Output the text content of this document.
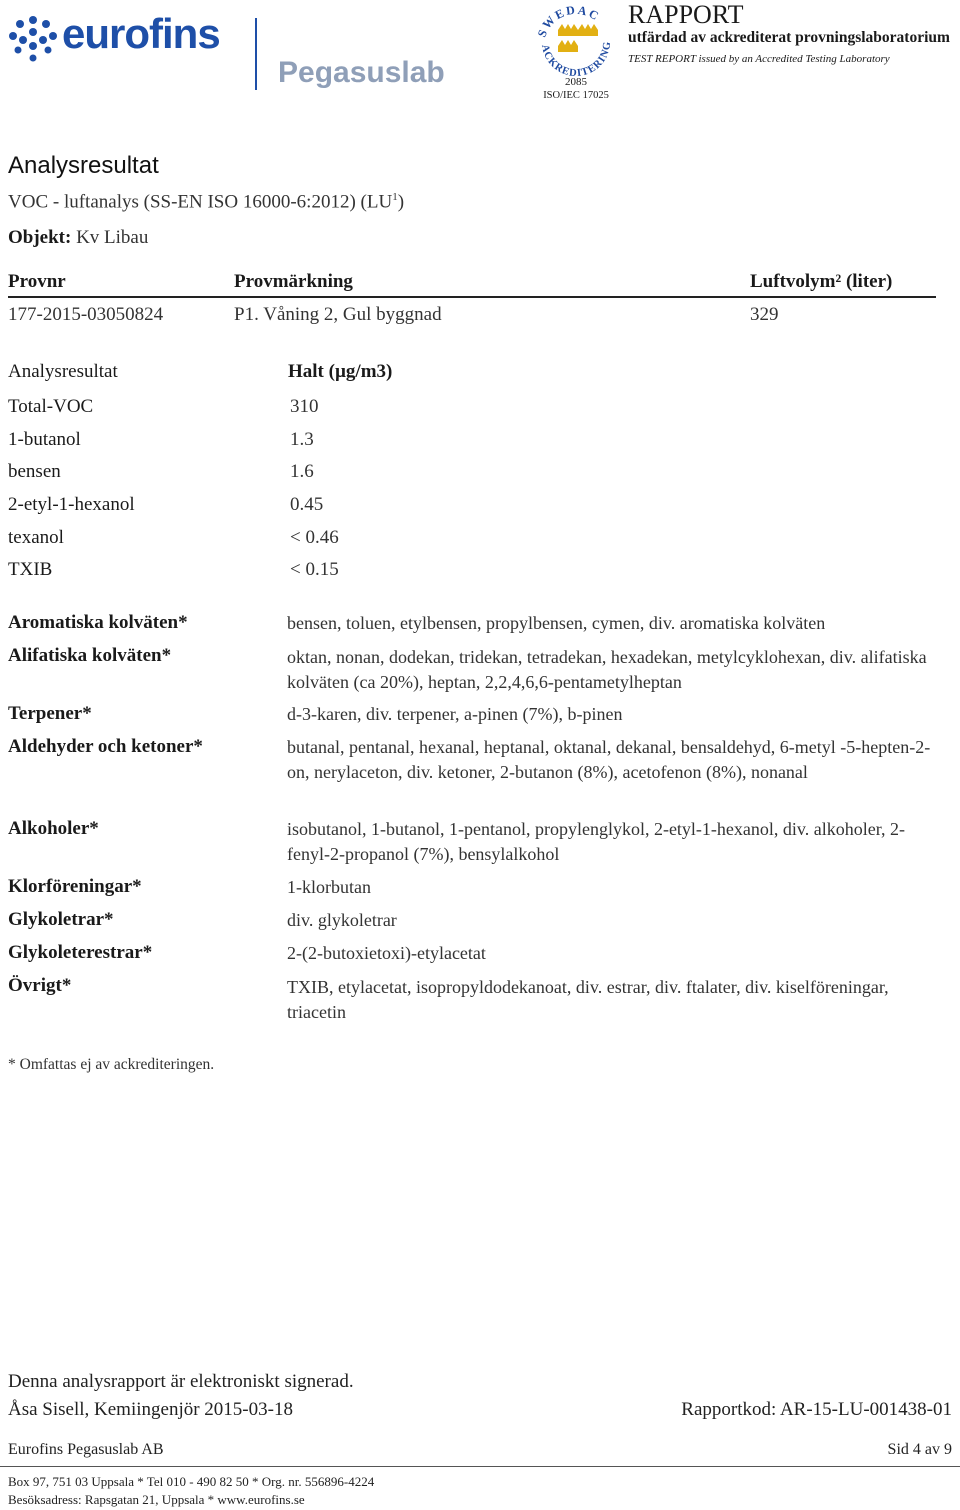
eurofins
Pegasuslab
SWEDAC
ACKREDITERING
2085
ISO/IEC 17025
RAPPORT
utfärdad av ackrediterat provningslaboratorium
TEST REPORT issued by an Accredited Testing Laboratory
Analysresultat
VOC - luftanalys (SS-EN ISO 16000-6:2012) $(LU^1)$
Objekt: Kv Libau
Provnr	Provmärkning	Luftvolym² (liter)
177-2015-03050824	P1. Våning 2, Gul byggnad	329
Analysresultat	Halt (µg/m3)
Total-VOC	310
1-butanol	1.3
bensen	1.6
2-etyl-1-hexanol	0.45
texanol	< 0.46
TXIB	< 0.15
Aromatiska kolväten*	bensen, toluen, etylbensen, propylbensen, cymen, div. aromatiska kolväten
Alifatiska kolväten*	oktan, nonan, dodekan, tridekan, tetradekan, hexadekan, metylcyklohexan, div. alifatiska kolväten (ca 20%), heptan, 2,2,4,6,6-pentametylheptan
Terpener*	d-3-karen, div. terpener, a-pinen (7%), b-pinen
Aldehyder och ketoner*	butanal, pentanal, hexanal, heptanal, oktanal, dekanal, bensaldehyd, 6-metyl -5-hepten-2-on, nerylaceton, div. ketoner, 2-butanon (8%), acetofenon (8%), nonanal
Alkoholer*	isobutanol, 1-butanol, 1-pentanol, propylenglykol, 2-etyl-1-hexanol, div. alkoholer, 2-fenyl-2-propanol (7%), bensylalkohol
Klorföreningar*	1-klorbutan
Glykoletrar*	div. glykoletrar
Glykoleterestrar*	2-(2-butoxietoxi)-etylacetat
Övrigt*	TXIB, etylacetat, isopropyldodekanoat, div. estrar, div. ftalater, div. kiselföreningar, triacetin
* Omfattas ej av ackrediteringen.
Denna analysrapport är elektroniskt signerad.
Åsa Sisell, Kemiingenjör 2015-03-18	Rapportkod: AR-15-LU-001438-01
Eurofins Pegasuslab AB	Sid 4 av 9
Box 97, 751 03 Uppsala * Tel 010 - 490 82 50 * Org. nr. 556896-4224
Besöksadress: Rapsgatan 21, Uppsala * www.eurofins.se
